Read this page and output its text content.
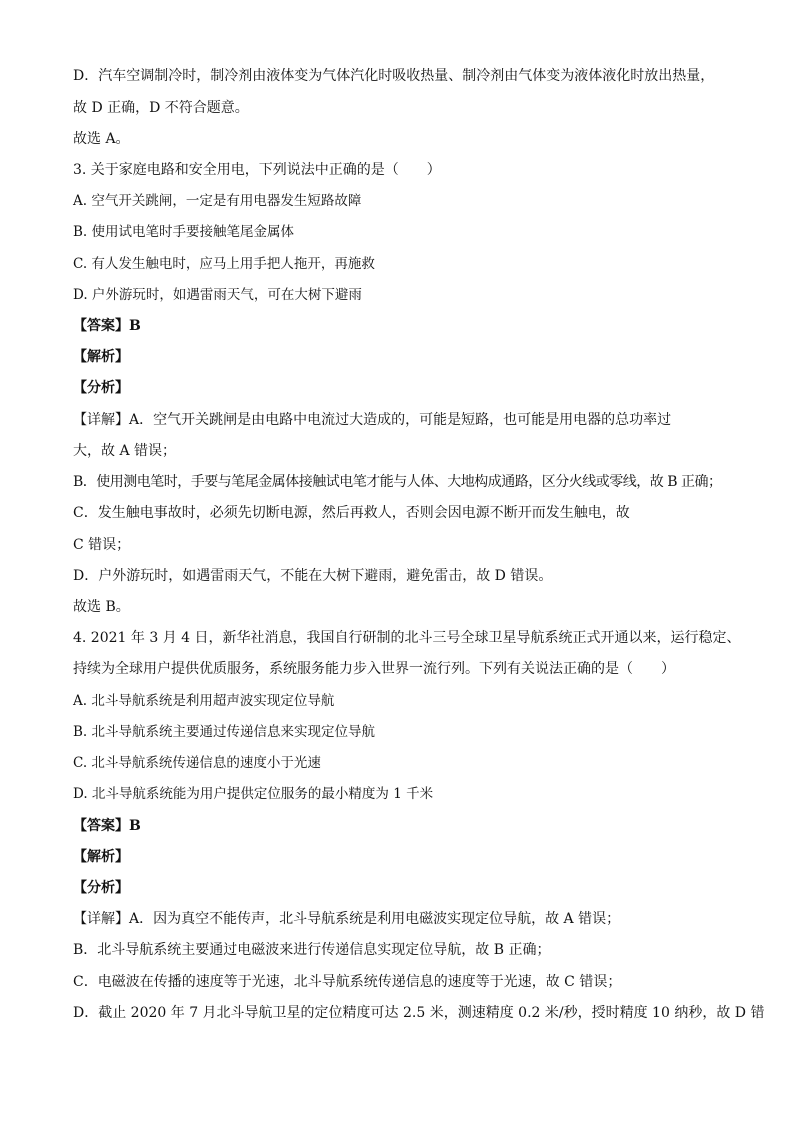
D．汽车空调制冷时，制冷剂由液体变为气体汽化时吸收热量、制冷剂由气体变为液体液化时放出热量，
故 D 正确，D 不符合题意。
故选 A。
3. 关于家庭电路和安全用电，下列说法中正确的是（　　）
A. 空气开关跳闸，一定是有用电器发生短路故障
B. 使用试电笔时手要接触笔尾金属体
C. 有人发生触电时，应马上用手把人拖开，再施救
D. 户外游玩时，如遇雷雨天气，可在大树下避雨
【答案】B
【解析】
【分析】
【详解】A．空气开关跳闸是由电路中电流过大造成的，可能是短路，也可能是用电器的总功率过
大，故 A 错误；
B．使用测电笔时，手要与笔尾金属体接触试电笔才能与人体、大地构成通路，区分火线或零线，故 B 正确；
C．发生触电事故时，必须先切断电源，然后再救人，否则会因电源不断开而发生触电，故
C 错误；
D．户外游玩时，如遇雷雨天气，不能在大树下避雨，避免雷击，故 D 错误。
故选 B。
4. 2021 年 3 月 4 日，新华社消息，我国自行研制的北斗三号全球卫星导航系统正式开通以来，运行稳定、
持续为全球用户提供优质服务，系统服务能力步入世界一流行列。下列有关说法正确的是（　　）
A. 北斗导航系统是利用超声波实现定位导航
B. 北斗导航系统主要通过传递信息来实现定位导航
C. 北斗导航系统传递信息的速度小于光速
D. 北斗导航系统能为用户提供定位服务的最小精度为 1 千米
【答案】B
【解析】
【分析】
【详解】A．因为真空不能传声，北斗导航系统是利用电磁波实现定位导航，故 A 错误；
B．北斗导航系统主要通过电磁波来进行传递信息实现定位导航，故 B 正确；
C．电磁波在传播的速度等于光速，北斗导航系统传递信息的速度等于光速，故 C 错误；
D．截止 2020 年 7 月北斗导航卫星的定位精度可达 2.5 米，测速精度 0.2 米/秒，授时精度 10 纳秒，故 D 错
